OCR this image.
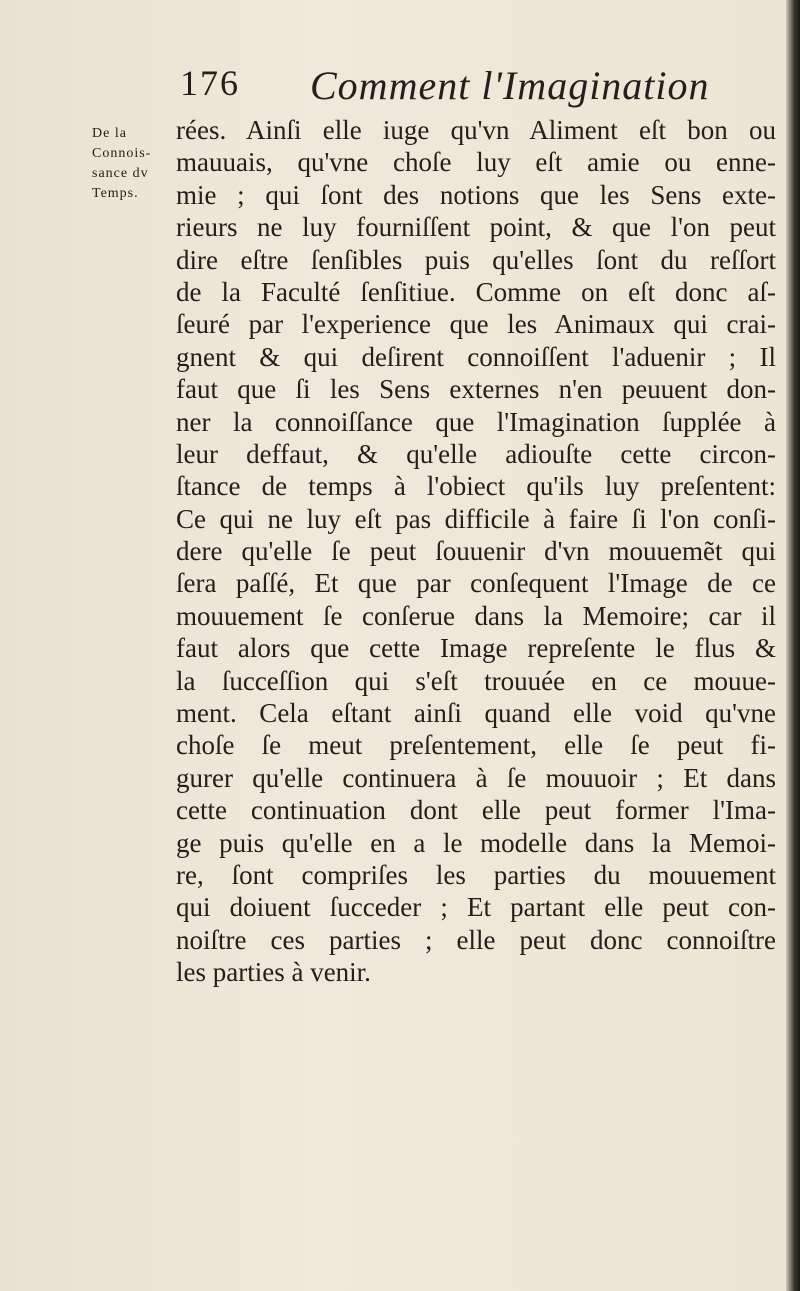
176 Comment l'Imagination
De la
Connois-
sance dv
Temps.
rées. Ainſi elle iuge qu'vn Aliment eſt bon ou
mauuais, qu'vne choſe luy eſt amie ou enne-
mie ; qui ſont des notions que les Sens exte-
rieurs ne luy fourniſſent point, & que l'on peut
dire eſtre ſenſibles puis qu'elles ſont du reſſort
de la Faculté ſenſitiue. Comme on eſt donc aſ-
ſeuré par l'experience que les Animaux qui crai-
gnent & qui deſirent connoiſſent l'aduenir ; Il
faut que ſi les Sens externes n'en peuuent don-
ner la connoiſſance que l'Imagination ſupplée à
leur deffaut, & qu'elle adiouſte cette circon-
ſtance de temps à l'obiect qu'ils luy preſentent:
Ce qui ne luy eſt pas difficile à faire ſi l'on conſi-
dere qu'elle ſe peut ſouuenir d'vn mouuemẽt qui
ſera paſſé, Et que par conſequent l'Image de ce
mouuement ſe conſerue dans la Memoire; car il
faut alors que cette Image repreſente le flus &
la ſucceſſion qui s'eſt trouuée en ce mouue-
ment. Cela eſtant ainſi quand elle void qu'vne
choſe ſe meut preſentement, elle ſe peut fi-
gurer qu'elle continuera à ſe mouuoir ; Et dans
cette continuation dont elle peut former l'Ima-
ge puis qu'elle en a le modelle dans la Memoi-
re, ſont compriſes les parties du mouuement
qui doiuent ſucceder ; Et partant elle peut con-
noiſtre ces parties ; elle peut donc connoiſtre
les parties à venir.
